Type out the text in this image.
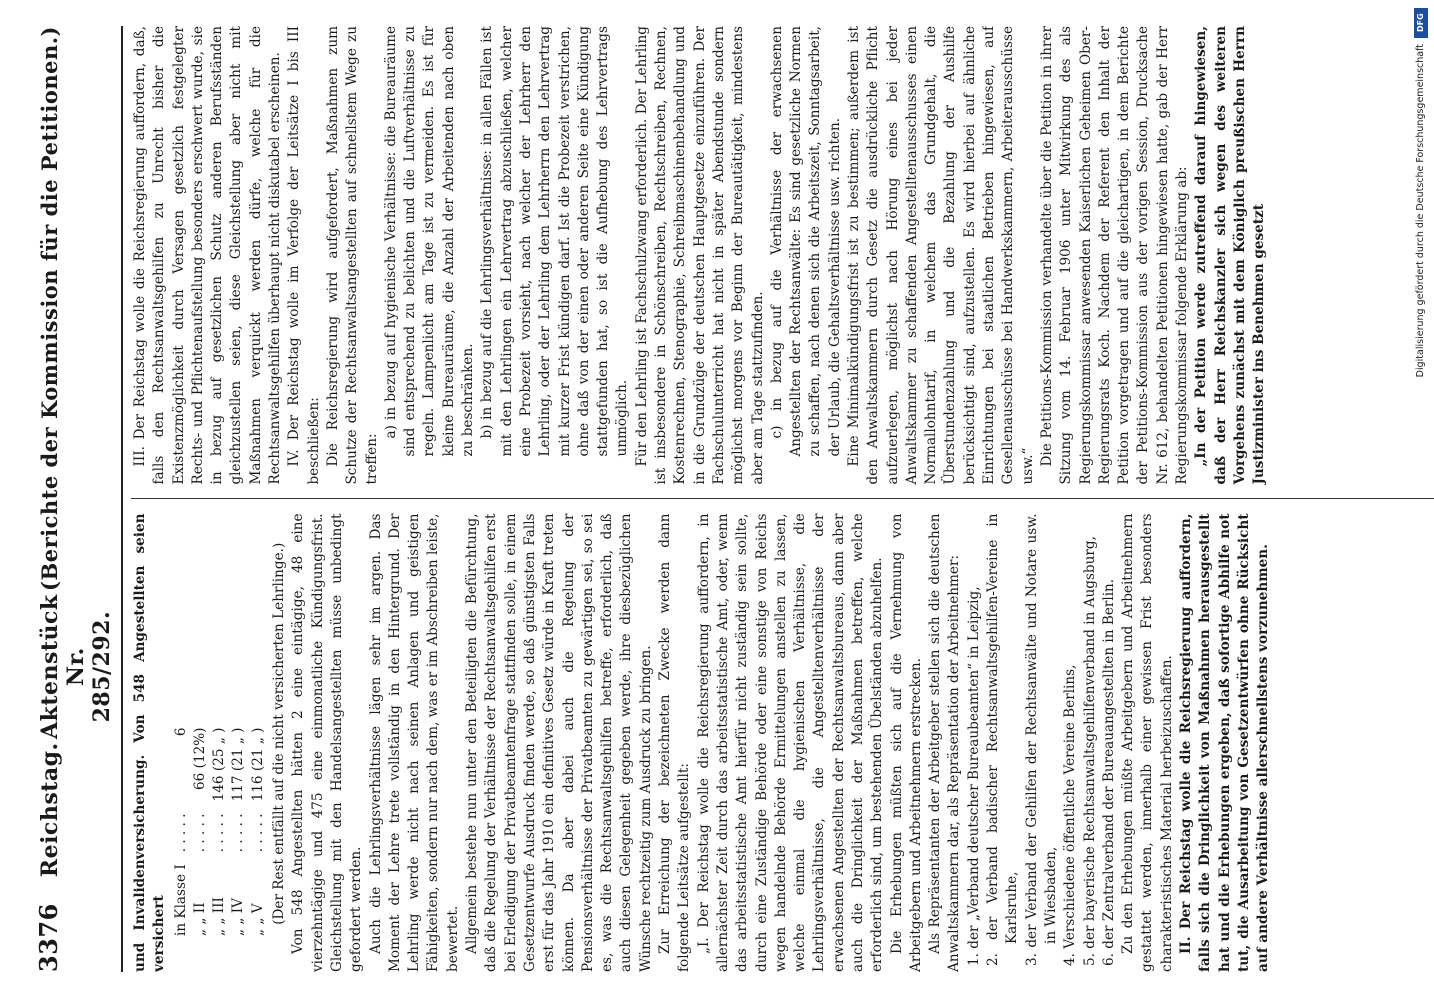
3376
Reichstag.
Aktenstück Nr. 285/292.
(Berichte der Kommission für die Petitionen.)

und Invalidenversicherung. Von 548 Angestellten seien versichert in Klasse I	. . . . .	6
„ „ II	. . . . .	66 (12%)
„ „ III	. . . . .	146 (25 „ )
„ „ IV	. . . . .	117 (21 „ )
„ „ V	. . . . .	116 (21 „ ) (Der Rest entfällt auf die nicht versicherten Lehrlinge.) Von 548 Angestellten hätten 2 eine eintägige, 48 eine vierzehntägige und 475 eine einmonatliche Kündigungsfrist. Gleichstellung mit den Handelsangestellten müsse unbedingt gefordert werden. Auch die Lehrlingsverhältnisse lägen sehr im argen. Das Moment der Lehre trete vollständig in den Hintergrund. Der Lehrling werde nicht nach seinen Anlagen und geistigen Fähigkeiten, sondern nur nach dem, was er im Abschreiben leiste, bewertet. Allgemein bestehe nun unter den Beteiligten die Befürchtung, daß die Regelung der Verhältnisse der Rechtsanwaltsgehilfen erst bei Erledigung der Privatbeamtenfrage stattfinden solle, in einem Gesetzentwurfe Ausdruck finden werde, so daß günstigsten Falls erst für das Jahr 1910 ein definitives Gesetz würde in Kraft treten können. Da aber dabei auch die Regelung der Pensionsverhältnisse der Privatbeamten zu gewärtigen sei, so sei es, was die Rechtsanwaltsgehilfen betreffe, erforderlich, daß auch diesen Gelegenheit gegeben werde, ihre diesbezüglichen Wünsche rechtzeitig zum Ausdruck zu bringen. Zur Erreichung der bezeichneten Zwecke werden dann folgende Leitsätze aufgestellt: „I. Der Reichstag wolle die Reichsregierung auffordern, in allernächster Zeit durch das arbeitsstatistische Amt, oder, wenn das arbeitsstatistische Amt hierfür nicht zuständig sein sollte, durch eine Zuständige Behörde oder eine sonstige von Reichs wegen handelnde Behörde Ermittelungen anstellen zu lassen, welche einmal die hygienischen Verhältnisse, die Lehrlingsverhältnisse, die Angestelltenverhältnisse der erwachsenen Angestellten der Rechtsanwaltsbureaus, dann aber auch die Dringlichkeit der Maßnahmen betreffen, welche erforderlich sind, um bestehenden Übelständen abzuhelfen. Die Erhebungen müßten sich auf die Vernehmung von Arbeitgebern und Arbeitnehmern erstrecken. Als Repräsentanten der Arbeitgeber stellen sich die deutschen Anwaltskammern dar, als Repräsentation der Arbeitnehmer: 1. der „Verband deutscher Bureaubeamten“ in Leipzig, 2. der Verband badischer Rechtsanwaltsgehilfen-Vereine in Karlsruhe, 3. der Verband der Gehilfen der Rechtsanwälte und Notare usw. in Wiesbaden, 4. Verschiedene öffentliche Vereine Berlins, 5. der bayerische Rechtsanwaltsgehilfenverband in Augsburg, 6. der Zentralverband der Bureauangestellten in Berlin. Zu den Erhebungen müßte Arbeitgebern und Arbeitnehmern gestattet werden, innerhalb einer gewissen Frist besonders charakteristisches Material herbeizuschaffen. II. Der Reichstag wolle die Reichsregierung auffordern, falls sich die Dringlichkeit von Maßnahmen herausgestellt hat und die Erhebungen ergeben, daß sofortige Abhilfe not tut, die Ausarbeitung von Gesetzentwürfen ohne Rücksicht auf andere Verhältnisse allerschnellstens vorzunehmen.

III. Der Reichstag wolle die Reichsregierung auffordern, daß, falls den Rechtsanwaltsgehilfen zu Unrecht bisher die Existenzmöglichkeit durch Versagen gesetzlich festgelegter Rechts- und Pflichtenaufstellung besonders erschwert wurde, sie in bezug auf gesetzlichen Schutz anderen Berufsständen gleichzustellen seien, diese Gleichstellung aber nicht mit Maßnahmen verquickt werden dürfe, welche für die Rechtsanwaltsgehilfen überhaupt nicht diskutabel erscheinen. IV. Der Reichstag wolle im Verfolge der Leitsätze I bis III beschließen: Die Reichsregierung wird aufgefordert, Maßnahmen zum Schutze der Rechtsanwaltsangestellten auf schnellstem Wege zu treffen:

a) in bezug auf hygienische Verhältnisse: die Bureauräume sind entsprechend zu belichten und die Luftverhältnisse zu regeln. Lampenlicht am Tage ist zu vermeiden. Es ist für kleine Bureauräume, die Anzahl der Arbeitenden nach oben zu beschränken. b) in bezug auf die Lehrlingsverhältnisse: in allen Fällen ist mit den Lehrlingen ein Lehrvertrag abzuschließen, welcher eine Probezeit vorsieht, nach welcher der Lehrherr den Lehrling, oder der Lehrling dem Lehrherrn den Lehrvertrag mit kurzer Frist kündigen darf. Ist die Probezeit verstrichen, ohne daß von der einen oder anderen Seite eine Kündigung stattgefunden hat, so ist die Aufhebung des Lehrvertrags unmöglich. Für den Lehrling ist Fachschulzwang erforderlich. Der Lehrling ist insbesondere in Schönschreiben, Rechtschreiben, Rechnen, Kostenrechnen, Stenographie, Schreibmaschinenbehandlung und in die Grundzüge der deutschen Hauptgesetze einzuführen. Der Fachschulunterricht hat nicht in später Abendstunde sondern möglichst morgens vor Beginn der Bureautätigkeit, mindestens aber am Tage stattzufinden. c) in bezug auf die Verhältnisse der erwachsenen Angestellten der Rechtsanwälte: Es sind gesetzliche Normen zu schaffen, nach denen sich die Arbeitszeit, Sonntagsarbeit, der Urlaub, die Gehaltsverhältnisse usw. richten. Eine Minimalkündigungsfrist ist zu bestimmen; außerdem ist den Anwaltskammern durch Gesetz die ausdrückliche Pflicht aufzuerlegen, möglichst nach Hörung eines bei jeder Anwaltskammer zu schaffenden Angestelltenausschusses einen Normallohntarif, in welchem das Grundgehalt, die Überstundenzahlung und die Bezahlung der Aushilfe berücksichtigt sind, aufzustellen. Es wird hierbei auf ähnliche Einrichtungen bei staatlichen Betrieben hingewiesen, auf Gesellenausschüsse bei Handwerkskammern, Arbeiterausschüsse usw.“ Die Petitions-Kommission verhandelte über die Petition in ihrer Sitzung vom 14. Februar 1906 unter Mitwirkung des als Regierungskommissar anwesenden Kaiserlichen Geheimen Ober-Regierungsrats Koch. Nachdem der Referent den Inhalt der Petition vorgetragen und auf die gleichartigen, in dem Berichte der Petitions-Kommission aus der vorigen Session, Drucksache Nr. 612, behandelten Petitionen hingewiesen hatte, gab der Herr Regierungskommissar folgende Erklärung ab: „In der Petition werde zutreffend darauf hingewiesen, daß der Herr Reichskanzler sich wegen des weiteren Vorgehens zunächst mit dem Königlich preußischen Herrn Justizminister ins Benehmen gesetzt

DFG
Digitalisierung gefördert durch die Deutsche Forschungsgemeinschaft
